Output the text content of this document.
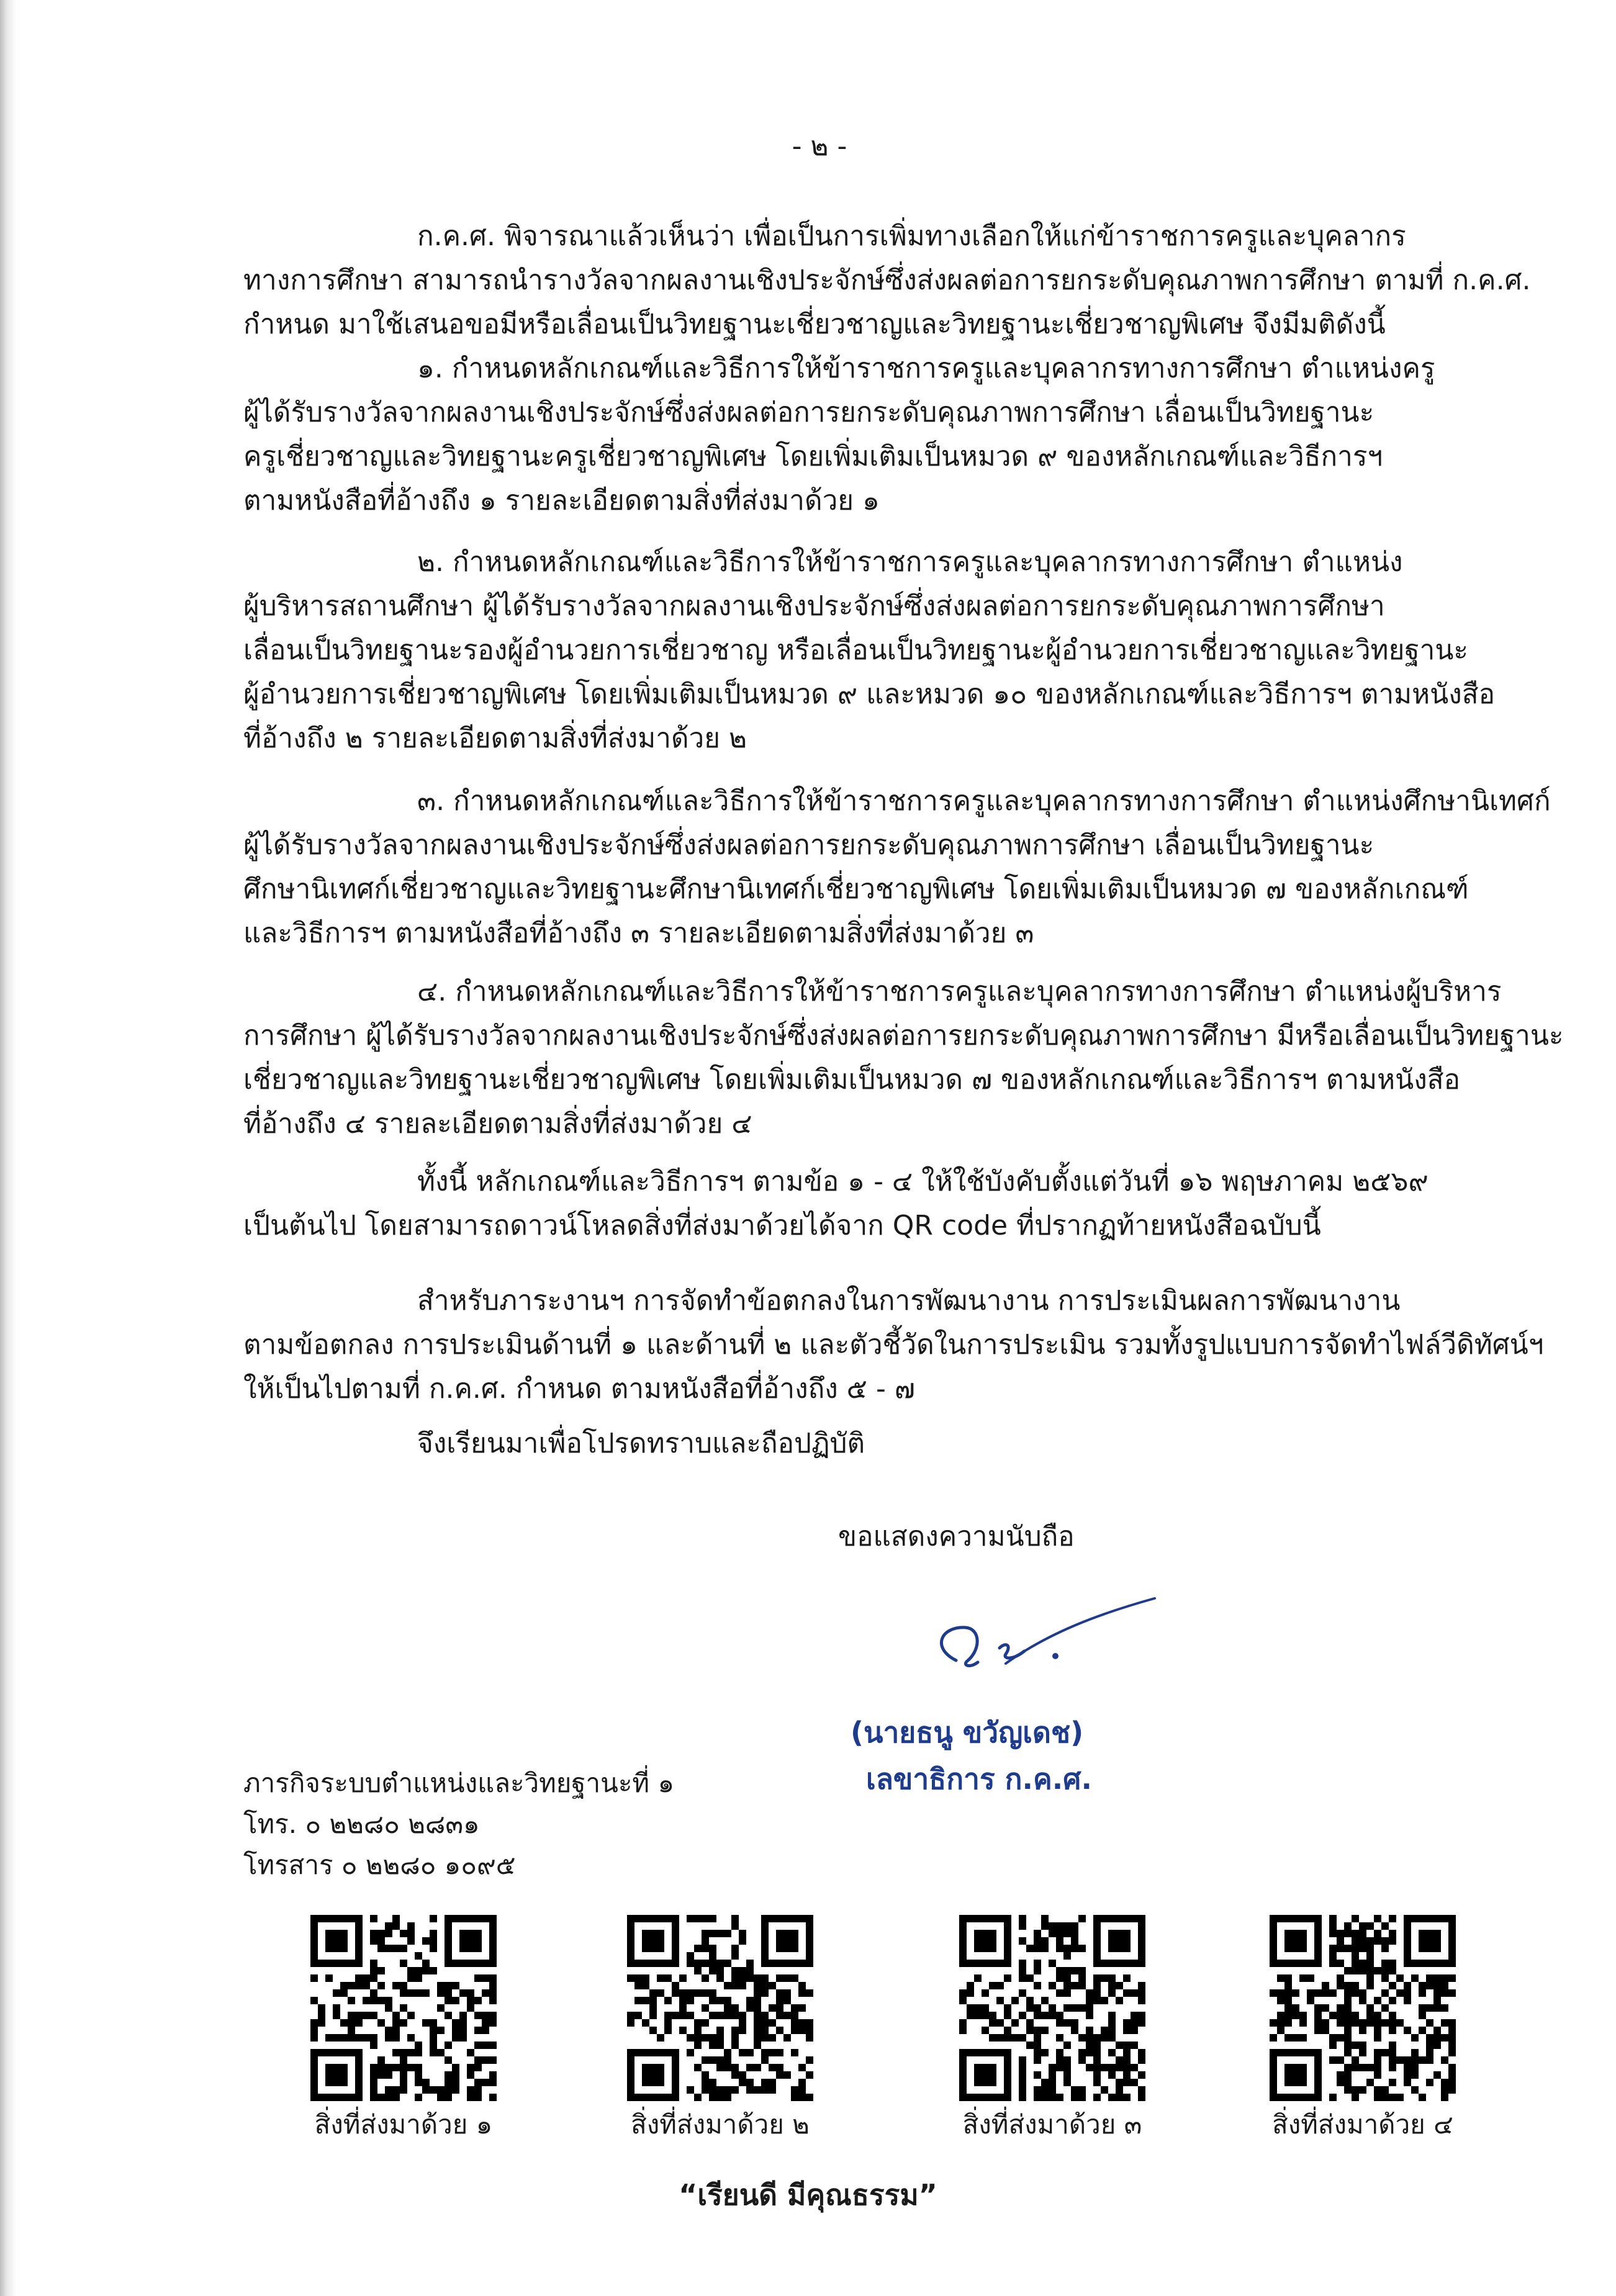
- ๒ -

ก.ค.ศ. พิจารณาแล้วเห็นว่า เพื่อเป็นการเพิ่มทางเลือกให้แก่ข้าราชการครูและบุคลากร
ทางการศึกษา สามารถนำรางวัลจากผลงานเชิงประจักษ์ซึ่งส่งผลต่อการยกระดับคุณภาพการศึกษา ตามที่ ก.ค.ศ.
กำหนด มาใช้เสนอขอมีหรือเลื่อนเป็นวิทยฐานะเชี่ยวชาญและวิทยฐานะเชี่ยวชาญพิเศษ จึงมีมติดังนี้

๑. กำหนดหลักเกณฑ์และวิธีการให้ข้าราชการครูและบุคลากรทางการศึกษา ตำแหน่งครู
ผู้ได้รับรางวัลจากผลงานเชิงประจักษ์ซึ่งส่งผลต่อการยกระดับคุณภาพการศึกษา เลื่อนเป็นวิทยฐานะ
ครูเชี่ยวชาญและวิทยฐานะครูเชี่ยวชาญพิเศษ โดยเพิ่มเติมเป็นหมวด ๙ ของหลักเกณฑ์และวิธีการฯ
ตามหนังสือที่อ้างถึง ๑ รายละเอียดตามสิ่งที่ส่งมาด้วย ๑

๒. กำหนดหลักเกณฑ์และวิธีการให้ข้าราชการครูและบุคลากรทางการศึกษา ตำแหน่ง
ผู้บริหารสถานศึกษา ผู้ได้รับรางวัลจากผลงานเชิงประจักษ์ซึ่งส่งผลต่อการยกระดับคุณภาพการศึกษา
เลื่อนเป็นวิทยฐานะรองผู้อำนวยการเชี่ยวชาญ หรือเลื่อนเป็นวิทยฐานะผู้อำนวยการเชี่ยวชาญและวิทยฐานะ
ผู้อำนวยการเชี่ยวชาญพิเศษ โดยเพิ่มเติมเป็นหมวด ๙ และหมวด ๑๐ ของหลักเกณฑ์และวิธีการฯ ตามหนังสือ
ที่อ้างถึง ๒ รายละเอียดตามสิ่งที่ส่งมาด้วย ๒

๓. กำหนดหลักเกณฑ์และวิธีการให้ข้าราชการครูและบุคลากรทางการศึกษา ตำแหน่งศึกษานิเทศก์
ผู้ได้รับรางวัลจากผลงานเชิงประจักษ์ซึ่งส่งผลต่อการยกระดับคุณภาพการศึกษา เลื่อนเป็นวิทยฐานะ
ศึกษานิเทศก์เชี่ยวชาญและวิทยฐานะศึกษานิเทศก์เชี่ยวชาญพิเศษ โดยเพิ่มเติมเป็นหมวด ๗ ของหลักเกณฑ์
และวิธีการฯ ตามหนังสือที่อ้างถึง ๓ รายละเอียดตามสิ่งที่ส่งมาด้วย ๓

๔. กำหนดหลักเกณฑ์และวิธีการให้ข้าราชการครูและบุคลากรทางการศึกษา ตำแหน่งผู้บริหาร
การศึกษา ผู้ได้รับรางวัลจากผลงานเชิงประจักษ์ซึ่งส่งผลต่อการยกระดับคุณภาพการศึกษา มีหรือเลื่อนเป็นวิทยฐานะ
เชี่ยวชาญและวิทยฐานะเชี่ยวชาญพิเศษ โดยเพิ่มเติมเป็นหมวด ๗ ของหลักเกณฑ์และวิธีการฯ ตามหนังสือ
ที่อ้างถึง ๔ รายละเอียดตามสิ่งที่ส่งมาด้วย ๔

ทั้งนี้ หลักเกณฑ์และวิธีการฯ ตามข้อ ๑ - ๔ ให้ใช้บังคับตั้งแต่วันที่ ๑๖ พฤษภาคม ๒๕๖๙
เป็นต้นไป โดยสามารถดาวน์โหลดสิ่งที่ส่งมาด้วยได้จาก QR code ที่ปรากฏท้ายหนังสือฉบับนี้

สำหรับภาระงานฯ การจัดทำข้อตกลงในการพัฒนางาน การประเมินผลการพัฒนางาน
ตามข้อตกลง การประเมินด้านที่ ๑ และด้านที่ ๒ และตัวชี้วัดในการประเมิน รวมทั้งรูปแบบการจัดทำไฟล์วีดิทัศน์ฯ
ให้เป็นไปตามที่ ก.ค.ศ. กำหนด ตามหนังสือที่อ้างถึง ๕ - ๗

จึงเรียนมาเพื่อโปรดทราบและถือปฏิบัติ

ขอแสดงความนับถือ
(นายธนู ขวัญเดช)
เลขาธิการ ก.ค.ศ.
ภารกิจระบบตำแหน่งและวิทยฐานะที่ ๑
โทร. ๐ ๒๒๘๐ ๒๘๓๑
โทรสาร ๐ ๒๒๘๐ ๑๐๙๕
สิ่งที่ส่งมาด้วย ๑	สิ่งที่ส่งมาด้วย ๒	สิ่งที่ส่งมาด้วย ๓	สิ่งที่ส่งมาด้วย ๔
“เรียนดี มีคุณธรรม”
